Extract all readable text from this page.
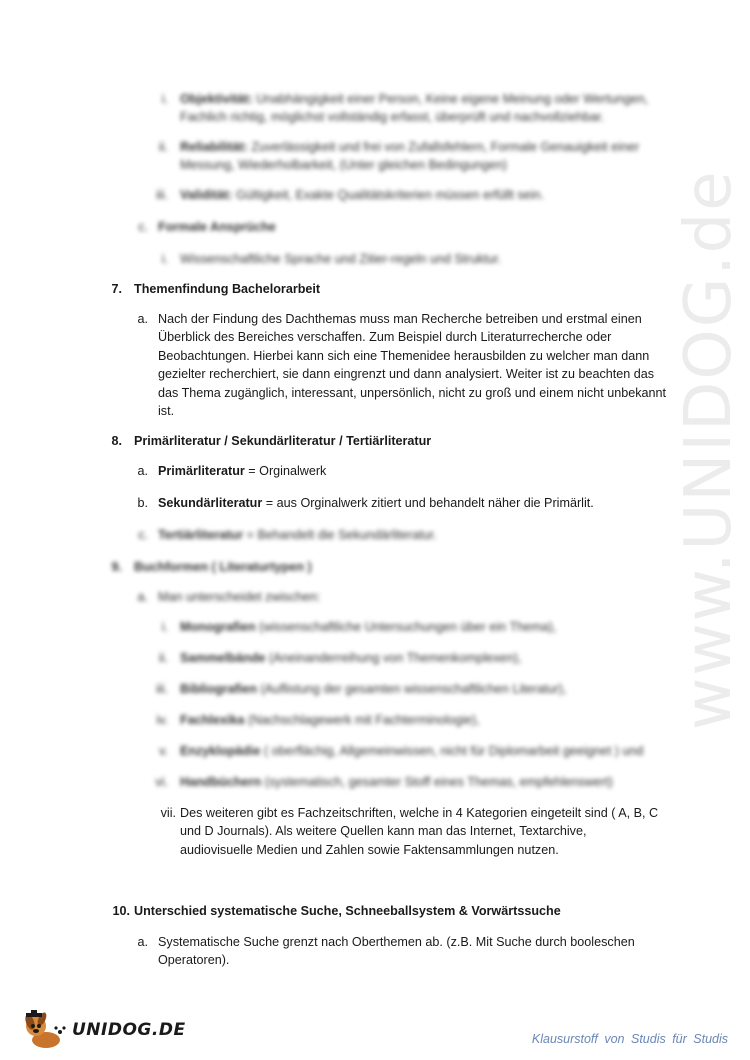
www.UNIDOG.de
i. Objektivität: Unabhängigkeit einer Person, Keine eigene Meinung oder Wertungen,
Fachlich richtig, möglichst vollständig erfasst, überprüft und nachvollziehbar.
ii. Reliabilität: Zuverlässigkeit und frei von Zufallsfehlern, Formale Genauigkeit einer
Messung, Wiederholbarkeit, (Unter gleichen Bedingungen)
iii. Validität: Gültigkeit, Exakte Qualitätskriterien müssen erfüllt sein.
c. Formale Ansprüche
i. Wissenschaftliche Sprache und Zitier-regeln und Struktur.
7. Themenfindung Bachelorarbeit
a. Nach der Findung des Dachthemas muss man Recherche betreiben und erstmal einen
Überblick des Bereiches verschaffen. Zum Beispiel durch Literaturrecherche oder
Beobachtungen. Hierbei kann sich eine Themenidee herausbilden zu welcher man dann
gezielter recherchiert, sie dann eingrenzt und dann analysiert. Weiter ist zu beachten das
das Thema zugänglich, interessant, unpersönlich, nicht zu groß und einem nicht unbekannt
ist.
8. Primärliteratur / Sekundärliteratur / Tertiärliteratur
a. Primärliteratur = Orginalwerk
b. Sekundärliteratur = aus Orginalwerk zitiert und behandelt näher die Primärlit.
c. Tertiärliteratur = Behandelt die Sekundärliteratur.
9. Buchformen ( Literaturtypen )
a. Man unterscheidet zwischen:
i. Monografien (wissenschaftliche Untersuchungen über ein Thema),
ii. Sammelbände (Aneinanderreihung von Themenkomplexen),
iii. Bibliografien (Auflistung der gesamten wissenschaftlichen Literatur),
iv. Fachlexika (Nachschlagewerk mit Fachterminologie),
v. Enzyklopädie ( oberflächig, Allgemeinwissen, nicht für Diplomarbeit geeignet ) und
vi. Handbüchern (systematisch, gesamter Stoff eines Themas, empfehlenswert)
vii. Des weiteren gibt es Fachzeitschriften, welche in 4 Kategorien eingeteilt sind ( A, B, C
und D Journals). Als weitere Quellen kann man das Internet, Textarchive,
audiovisuelle Medien und Zahlen sowie Faktensammlungen nutzen.
10. Unterschied systematische Suche, Schneeballsystem & Vorwärtssuche
a. Systematische Suche grenzt nach Oberthemen ab. (z.B. Mit Suche durch booleschen
Operatoren).
UNIDOG.DE	Klausurstoff von Studis für Studis
